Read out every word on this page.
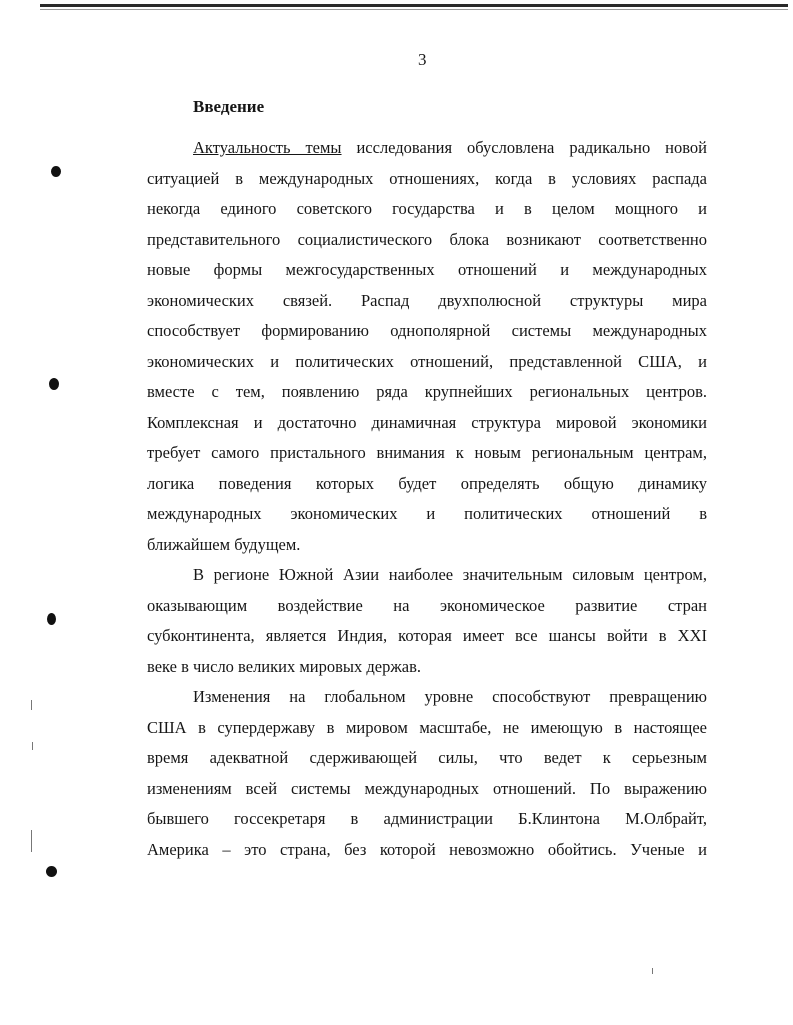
3
Введение
Актуальность темы исследования обусловлена радикально новой
ситуацией в международных отношениях, когда в условиях распада
некогда единого советского государства и в целом мощного и
представительного социалистического блока возникают соответственно
новые формы межгосударственных отношений и международных
экономических связей. Распад двухполюсной структуры мира
способствует формированию однополярной системы международных
экономических и политических отношений, представленной США, и
вместе с тем, появлению ряда крупнейших региональных центров.
Комплексная и достаточно динамичная структура мировой экономики
требует самого пристального внимания к новым региональным центрам,
логика поведения которых будет определять общую динамику
международных экономических и политических отношений в
ближайшем будущем.
В регионе Южной Азии наиболее значительным силовым центром,
оказывающим воздействие на экономическое развитие стран
субконтинента, является Индия, которая имеет все шансы войти в XXI
веке в число великих мировых держав.
Изменения на глобальном уровне способствуют превращению
США в супердержаву в мировом масштабе, не имеющую в настоящее
время адекватной сдерживающей силы, что ведет к серьезным
изменениям всей системы международных отношений. По выражению
бывшего госсекретаря в администрации Б.Клинтона М.Олбрайт,
Америка – это страна, без которой невозможно обойтись. Ученые и
